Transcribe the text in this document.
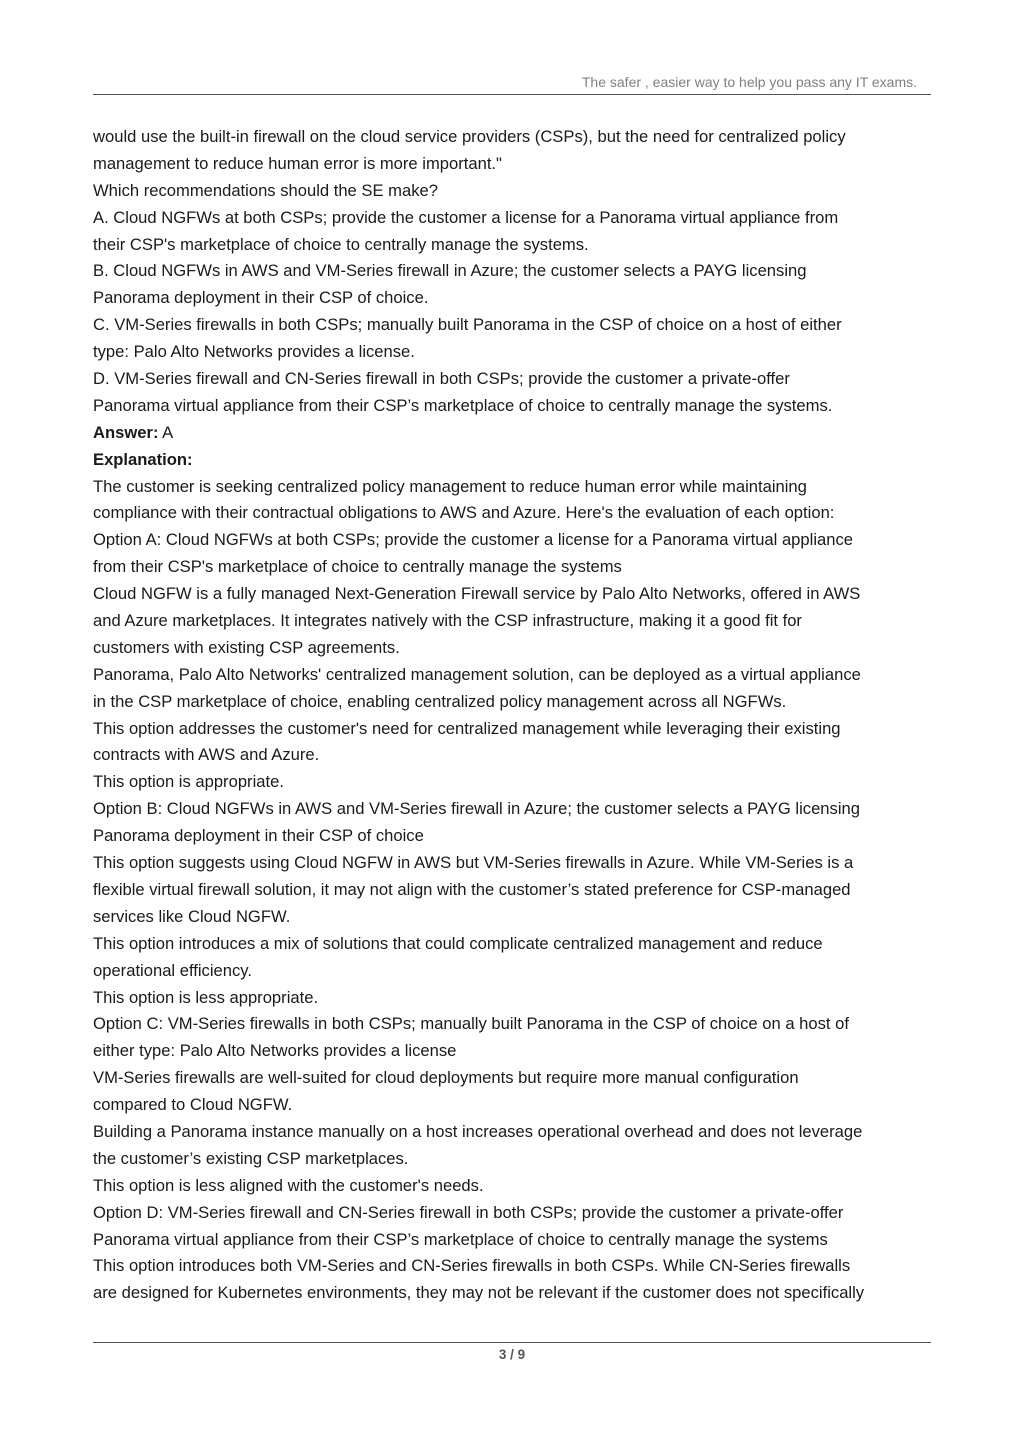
The safer , easier way to help you pass any IT exams.
would use the built-in firewall on the cloud service providers (CSPs), but the need for centralized policy
management to reduce human error is more important."
Which recommendations should the SE make?
A. Cloud NGFWs at both CSPs; provide the customer a license for a Panorama virtual appliance from
their CSP's marketplace of choice to centrally manage the systems.
B. Cloud NGFWs in AWS and VM-Series firewall in Azure; the customer selects a PAYG licensing
Panorama deployment in their CSP of choice.
C. VM-Series firewalls in both CSPs; manually built Panorama in the CSP of choice on a host of either
type: Palo Alto Networks provides a license.
D. VM-Series firewall and CN-Series firewall in both CSPs; provide the customer a private-offer
Panorama virtual appliance from their CSP’s marketplace of choice to centrally manage the systems.
Answer: A
Explanation:
The customer is seeking centralized policy management to reduce human error while maintaining
compliance with their contractual obligations to AWS and Azure. Here's the evaluation of each option:
Option A: Cloud NGFWs at both CSPs; provide the customer a license for a Panorama virtual appliance
from their CSP's marketplace of choice to centrally manage the systems
Cloud NGFW is a fully managed Next-Generation Firewall service by Palo Alto Networks, offered in AWS
and Azure marketplaces. It integrates natively with the CSP infrastructure, making it a good fit for
customers with existing CSP agreements.
Panorama, Palo Alto Networks' centralized management solution, can be deployed as a virtual appliance
in the CSP marketplace of choice, enabling centralized policy management across all NGFWs.
This option addresses the customer's need for centralized management while leveraging their existing
contracts with AWS and Azure.
This option is appropriate.
Option B: Cloud NGFWs in AWS and VM-Series firewall in Azure; the customer selects a PAYG licensing
Panorama deployment in their CSP of choice
This option suggests using Cloud NGFW in AWS but VM-Series firewalls in Azure. While VM-Series is a
flexible virtual firewall solution, it may not align with the customer’s stated preference for CSP-managed
services like Cloud NGFW.
This option introduces a mix of solutions that could complicate centralized management and reduce
operational efficiency.
This option is less appropriate.
Option C: VM-Series firewalls in both CSPs; manually built Panorama in the CSP of choice on a host of
either type: Palo Alto Networks provides a license
VM-Series firewalls are well-suited for cloud deployments but require more manual configuration
compared to Cloud NGFW.
Building a Panorama instance manually on a host increases operational overhead and does not leverage
the customer’s existing CSP marketplaces.
This option is less aligned with the customer's needs.
Option D: VM-Series firewall and CN-Series firewall in both CSPs; provide the customer a private-offer
Panorama virtual appliance from their CSP’s marketplace of choice to centrally manage the systems
This option introduces both VM-Series and CN-Series firewalls in both CSPs. While CN-Series firewalls
are designed for Kubernetes environments, they may not be relevant if the customer does not specifically
3 / 9
